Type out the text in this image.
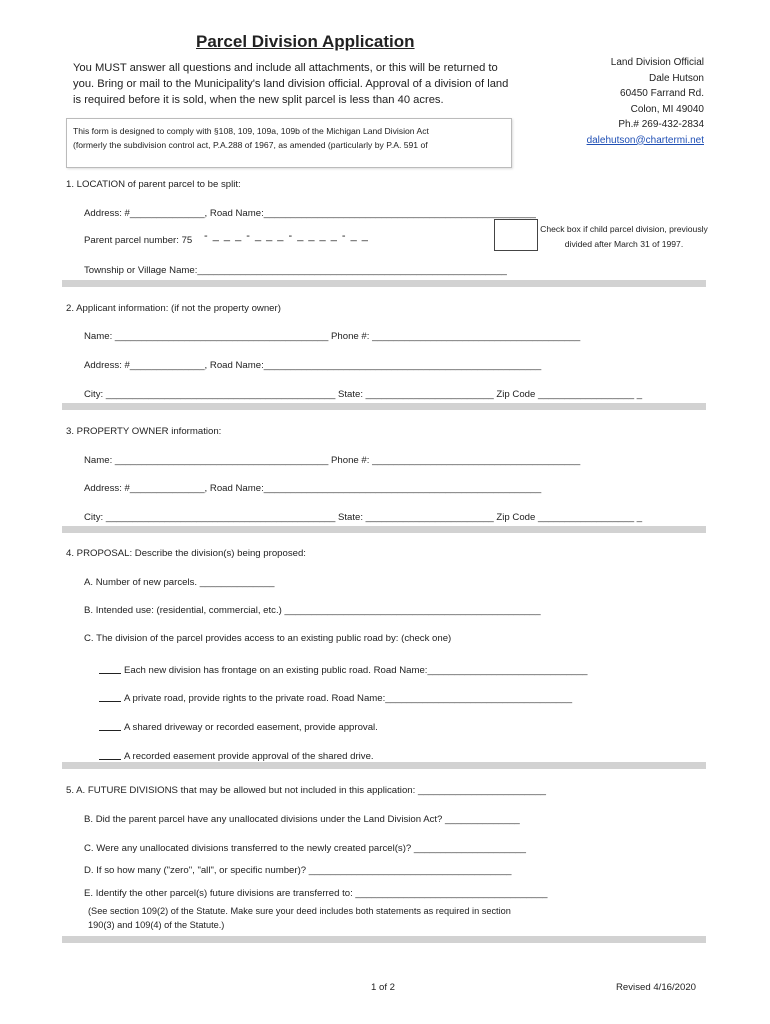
Parcel Division Application
You MUST answer all questions and include all attachments, or this will be returned to you. Bring or mail to the Municipality's land division official. Approval of a division of land is required before it is sold, when the new split parcel is less than 40 acres.
This form is designed to comply with §108, 109, 109a, 109b of the Michigan Land Division Act
(formerly the subdivision control act, P.A.288 of 1967, as amended (particularly by P.A. 591 of
Land Division Official
Dale Hutson
60450 Farrand Rd.
Colon, MI 49040
Ph.# 269-432-2834
dalehutson@chartermi.net
1. LOCATION of parent parcel to be split:
Address: #______________, Road Name:___________________________________________________
Parent parcel number: 75 - _ _ _ - _ _ _ - _ _ _ _ - _ _
Check box if child parcel division, previously divided after March 31 of 1997.
Township or Village Name:__________________________________________________________
2. Applicant information: (if not the property owner)
Name: ________________________________________ Phone #: _______________________________________
Address: #______________, Road Name:____________________________________________________
City: ___________________________________________ State: ________________________ Zip Code __________________ _
3. PROPERTY OWNER information:
Name: ________________________________________ Phone #: _______________________________________
Address: #______________, Road Name:____________________________________________________
City: ___________________________________________ State: ________________________ Zip Code __________________ _
4. PROPOSAL: Describe the division(s) being proposed:
A. Number of new parcels. ______________
B. Intended use: (residential, commercial, etc.) ________________________________________________
C. The division of the parcel provides access to an existing public road by: (check one)
Each new division has frontage on an existing public road. Road Name:______________________________
A private road, provide rights to the private road. Road Name:___________________________________
A shared driveway or recorded easement, provide approval.
A recorded easement provide approval of the shared drive.
5. A. FUTURE DIVISIONS that may be allowed but not included in this application: ________________________
B. Did the parent parcel have any unallocated divisions under the Land Division Act? ______________
C. Were any unallocated divisions transferred to the newly created parcel(s)? _____________________
D. If so how many ("zero", "all", or specific number)? ______________________________________
E. Identify the other parcel(s) future divisions are transferred to: ____________________________________
(See section 109(2) of the Statute. Make sure your deed includes both statements as required in section
190(3) and 109(4) of the Statute.)
1 of 2	Revised 4/16/2020
